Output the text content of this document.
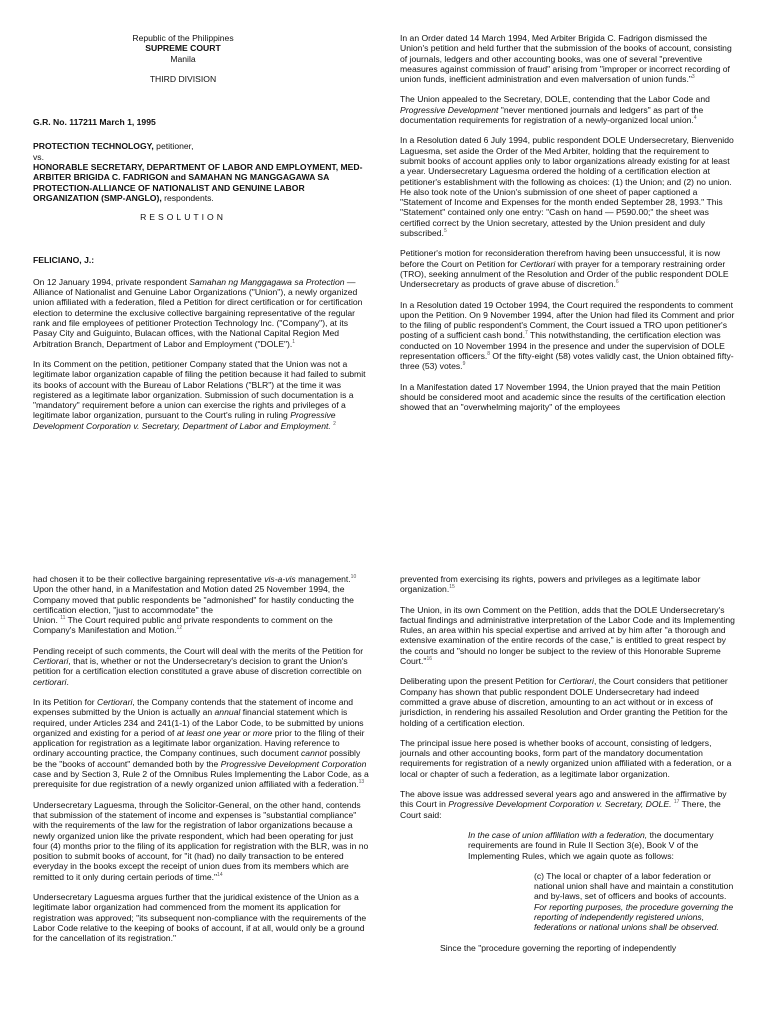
Republic of the Philippines
SUPREME COURT
Manila
THIRD DIVISION
G.R. No. 117211 March 1, 1995
PROTECTION TECHNOLOGY, petitioner,
vs.
HONORABLE SECRETARY, DEPARTMENT OF LABOR AND EMPLOYMENT, MED-ARBITER BRIGIDA C. FADRIGON and SAMAHAN NG MANGGAGAWA SA PROTECTION-ALLIANCE OF NATIONALIST AND GENUINE LABOR ORGANIZATION (SMP-ANGLO), respondents.
RESOLUTION
FELICIANO, J.:

On 12 January 1994, private respondent Samahan ng Manggagawa sa Protection — Alliance of Nationalist and Genuine Labor Organizations ("Union"), a newly organized union affiliated with a federation, filed a Petition for direct certification or for certification election to determine the exclusive collective bargaining representative of the regular rank and file employees of petitioner Protection Technology Inc. ("Company"), at its Pasay City and Guiguinto, Bulacan offices, with the National Capital Region Med Arbitration Branch, Department of Labor and Employment ("DOLE").$^1$

In its Comment on the petition, petitioner Company stated that the Union was not a legitimate labor organization capable of filing the petition because it had failed to submit its books of account with the Bureau of Labor Relations ("BLR") at the time it was registered as a legitimate labor organization. Submission of such documentation is a "mandatory" requirement before a union can exercise the rights and privileges of a legitimate labor organization, pursuant to the Court's ruling in ruling Progressive Development Corporation v. Secretary, Department of Labor and Employment. $^2$

In an Order dated 14 March 1994, Med Arbiter Brigida C. Fadrigon dismissed the Union's petition and held further that the submission of the books of account, consisting of journals, ledgers and other accounting books, was one of several "preventive measures against commission of fraud" arising from "improper or incorrect recording of union funds, inefficient administration and even malversation of union funds."$^3$

The Union appealed to the Secretary, DOLE, contending that the Labor Code and Progressive Development "never mentioned journals and ledgers" as part of the documentation requirements for registration of a newly-organized local union.$^4$

In a Resolution dated 6 July 1994, public respondent DOLE Undersecretary, Bienvenido Laguesma, set aside the Order of the Med Arbiter, holding that the requirement to submit books of account applies only to labor organizations already existing for at least a year. Undersecretary Laguesma ordered the holding of a certification election at petitioner's establishment with the following as choices: (1) the Union; and (2) no union. He also took note of the Union's submission of one sheet of paper captioned a "Statement of Income and Expenses for the month ended September 28, 1993." This "Statement" contained only one entry: "Cash on hand — P590.00;" the sheet was certified correct by the Union secretary, attested by the Union president and duly subscribed.$^5$

Petitioner's motion for reconsideration therefrom having been unsuccessful, it is now before the Court on Petition for Certiorari with prayer for a temporary restraining order (TRO), seeking annulment of the Resolution and Order of the public respondent DOLE Undersecretary as products of grave abuse of discretion.$^6$

In a Resolution dated 19 October 1994, the Court required the respondents to comment upon the Petition. On 9 November 1994, after the Union had filed its Comment and prior to the filing of public respondent's Comment, the Court issued a TRO upon petitioner's posting of a sufficient cash bond.$^7$ This notwithstanding, the certification election was conducted on 10 November 1994 in the presence and under the supervision of DOLE representation officers.$^8$ Of the fifty-eight (58) votes validly cast, the Union obtained fifty-three (53) votes.$^9$

In a Manifestation dated 17 November 1994, the Union prayed that the main Petition should be considered moot and academic since the results of the certification election showed that an "overwhelming majority" of the employees

had chosen it to be their collective bargaining representative vis-a-vis management.$^{10}$ Upon the other hand, in a Manifestation and Motion dated 25 November 1994, the Company moved that public respondents be "admonished" for hastily conducting the certification election, "just to accommodate" the
Union. $^{11}$ The Court required public and private respondents to comment on the Company's Manifestation and Motion.$^{12}$

Pending receipt of such comments, the Court will deal with the merits of the Petition for Certiorari, that is, whether or not the Undersecretary's decision to grant the Union's petition for a certification election constituted a grave abuse of discretion correctible on certiorari.

In its Petition for Certiorari, the Company contends that the statement of income and expenses submitted by the Union is actually an annual financial statement which is required, under Articles 234 and 241(1-1) of the Labor Code, to be submitted by unions organized and existing for a period of at least one year or more prior to the filing of their application for registration as a legitimate labor organization. Having reference to ordinary accounting practice, the Company continues, such document cannot possibly be the "books of account" demanded both by the Progressive Development Corporation case and by Section 3, Rule 2 of the Omnibus Rules Implementing the Labor Code, as a prerequisite for due registration of a newly organized union affiliated with a federation.$^{13}$

Undersecretary Laguesma, through the Solicitor-General, on the other hand, contends that submission of the statement of income and expenses is "substantial compliance" with the requirements of the law for the registration of labor organizations because a newly organized union like the private respondent, which had been operating for just four (4) months prior to the filing of its application for registration with the BLR, was in no position to submit books of account, for "it (had) no daily transaction to be entered everyday in the books except the receipt of union dues from its members which are remitted to it only during certain periods of time."$^{14}$

Undersecretary Laguesma argues further that the juridical existence of the Union as a legitimate labor organization had commenced from the moment its application for registration was approved; "its subsequent non-compliance with the requirements of the Labor Code relative to the keeping of books of account, if at all, would only be a ground for the cancellation of its registration."

prevented from exercising its rights, powers and privileges as a legitimate labor organization.$^{15}$

The Union, in its own Comment on the Petition, adds that the DOLE Undersecretary's factual findings and administrative interpretation of the Labor Code and its Implementing Rules, an area within his special expertise and arrived at by him after "a thorough and extensive examination of the entire records of the case," is entitled to great respect by the courts and "should no longer be subject to the review of this Honorable Supreme Court."$^{16}$

Deliberating upon the present Petition for Certiorari, the Court considers that petitioner Company has shown that public respondent DOLE Undersecretary had indeed committed a grave abuse of discretion, amounting to an act without or in excess of jurisdiction, in rendering his assailed Resolution and Order granting the Petition for the holding of a certification election.

The principal issue here posed is whether books of account, consisting of ledgers, journals and other accounting books, form part of the mandatory documentation requirements for registration of a newly organized union affiliated with a federation, or a local or chapter of such a federation, as a legitimate labor organization.

The above issue was addressed several years ago and answered in the affirmative by this Court in Progressive Development Corporation v. Secretary, DOLE. $^{17}$ There, the Court said:

In the case of union affiliation with a federation, the documentary requirements are found in Rule II Section 3(e), Book V of the Implementing Rules, which we again quote as follows:

(c) The local or chapter of a labor federation or national union shall have and maintain a constitution and by-laws, set of officers and books of accounts. For reporting purposes, the procedure governing the reporting of independently registered unions, federations or national unions shall be observed.

Since the "procedure governing the reporting of independently
